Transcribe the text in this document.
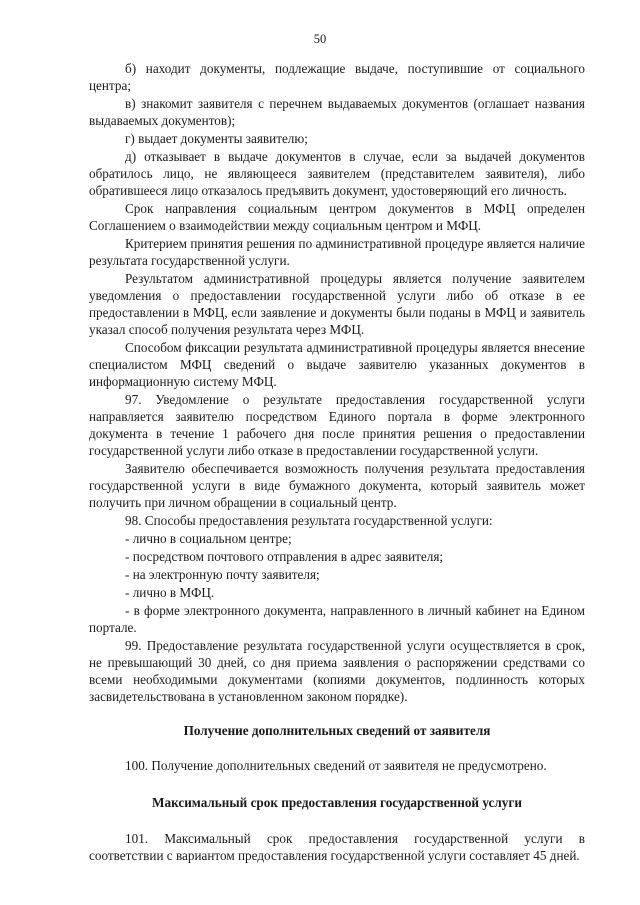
50

б) находит документы, подлежащие выдаче, поступившие от социального центра;

в) знакомит заявителя с перечнем выдаваемых документов (оглашает названия выдаваемых документов);

г) выдает документы заявителю;

д) отказывает в выдаче документов в случае, если за выдачей документов обратилось лицо, не являющееся заявителем (представителем заявителя), либо обратившееся лицо отказалось предъявить документ, удостоверяющий его личность.

Срок направления социальным центром документов в МФЦ определен Соглашением о взаимодействии между социальным центром и МФЦ.

Критерием принятия решения по административной процедуре является наличие результата государственной услуги.

Результатом административной процедуры является получение заявителем уведомления о предоставлении государственной услуги либо об отказе в ее предоставлении в МФЦ, если заявление и документы были поданы в МФЦ и заявитель указал способ получения результата через МФЦ.

Способом фиксации результата административной процедуры является внесение специалистом МФЦ сведений о выдаче заявителю указанных документов в информационную систему МФЦ.

97. Уведомление о результате предоставления государственной услуги направляется заявителю посредством Единого портала в форме электронного документа в течение 1 рабочего дня после принятия решения о предоставлении государственной услуги либо отказе в предоставлении государственной услуги.

Заявителю обеспечивается возможность получения результата предоставления государственной услуги в виде бумажного документа, который заявитель может получить при личном обращении в социальный центр.

98. Способы предоставления результата государственной услуги:

- лично в социальном центре;

- посредством почтового отправления в адрес заявителя;

- на электронную почту заявителя;

- лично в МФЦ.

- в форме электронного документа, направленного в личный кабинет на Едином портале.

99. Предоставление результата государственной услуги осуществляется в срок, не превышающий 30 дней, со дня приема заявления о распоряжении средствами со всеми необходимыми документами (копиями документов, подлинность которых засвидетельствована в установленном законом порядке).

Получение дополнительных сведений от заявителя

100. Получение дополнительных сведений от заявителя не предусмотрено.

Максимальный срок предоставления государственной услуги

101. Максимальный срок предоставления государственной услуги в соответствии с вариантом предоставления государственной услуги составляет 45 дней.
